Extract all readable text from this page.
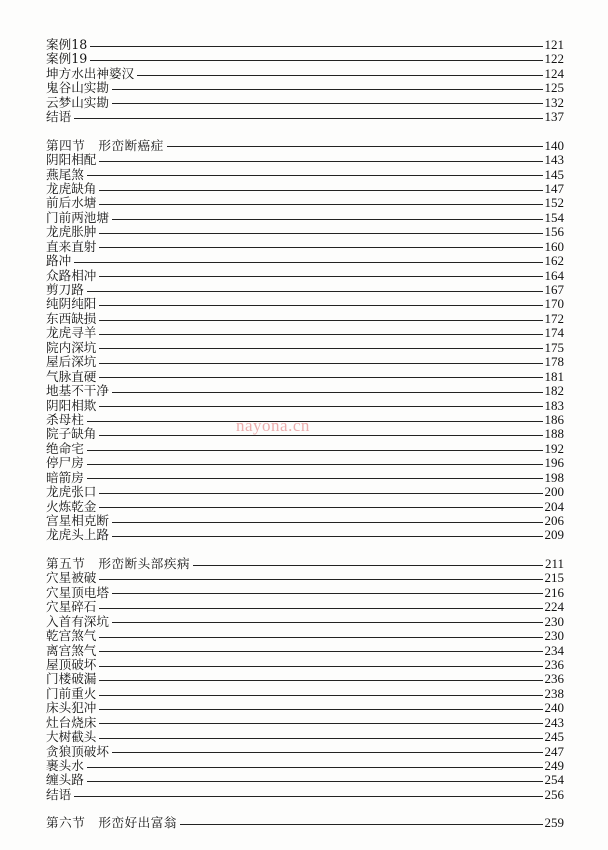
案例18	121
案例19	122
坤方水出神婆汉	124
鬼谷山实勘	125
云梦山实勘	132
结语	137
第四节　形峦断癌症	140
阴阳相配	143
燕尾煞	145
龙虎缺角	147
前后水塘	152
门前两池塘	154
龙虎胀肿	156
直来直射	160
路冲	162
众路相冲	164
剪刀路	167
纯阴纯阳	170
东西缺损	172
龙虎寻羊	174
院内深坑	175
屋后深坑	178
气脉直硬	181
地基不干净	182
阴阳相欺	183
杀母柱	186
院子缺角	188
绝命宅	192
停尸房	196
暗箭房	198
龙虎张口	200
火炼乾金	204
宫星相克断	206
龙虎头上路	209
第五节　形峦断头部疾病	211
穴星被破	215
穴星顶电塔	216
穴星碎石	224
入首有深坑	230
乾宫煞气	230
离宫煞气	234
屋顶破坏	236
门楼破漏	236
门前重火	238
床头犯冲	240
灶台烧床	243
大树截头	245
贪狼顶破坏	247
裹头水	249
缠头路	254
结语	256
第六节　形峦好出富翁	259
nayona.cn
